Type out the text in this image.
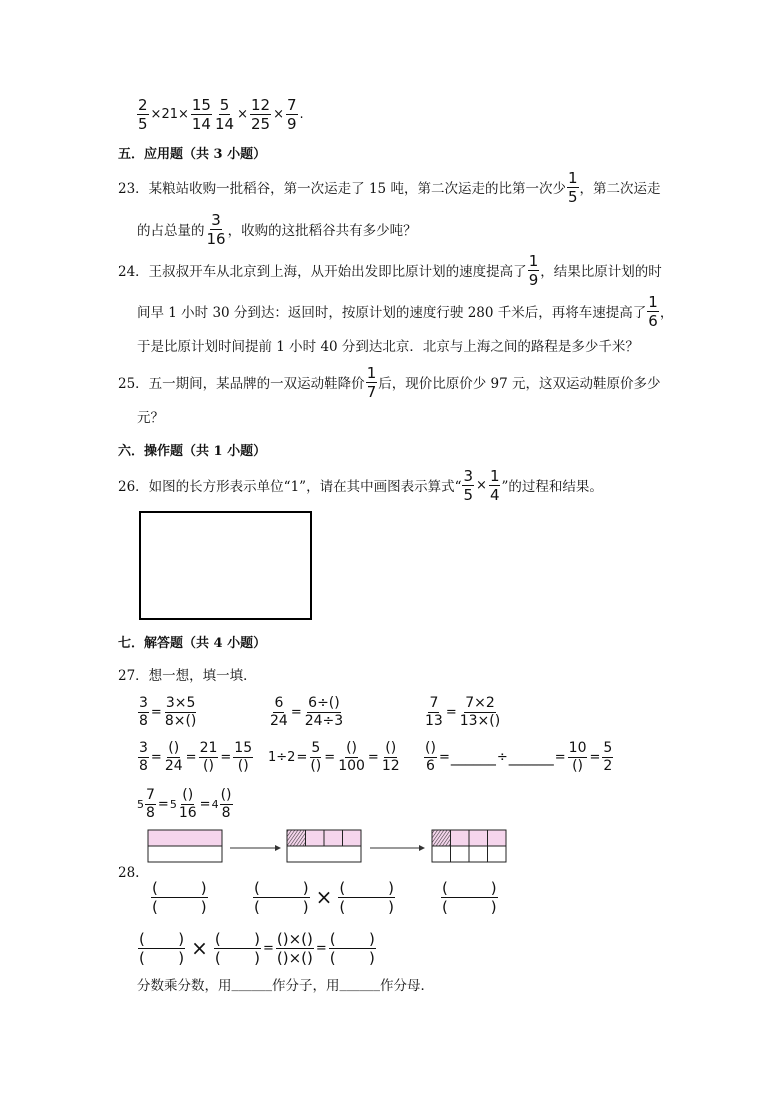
$\frac{2}{5} \times 21\times \frac{15}{14} \frac{5}{14} \times \frac{12}{25} \times \frac{7}{9}$ .
五．应用题（共 3 小题）
23．某粮站收购一批稻谷，第一次运走了 15 吨，第二次运走的比第一次少 $\frac{1}{5}$ ，第二次运走
的占总量的 $\frac{3}{16}$ ，收购的这批稻谷共有多少吨？
24．王叔叔开车从北京到上海，从开始出发即比原计划的速度提高了 $\frac{1}{9}$ ，结果比原计划的时
间早 1 小时 30 分到达：返回时，按原计划的速度行驶 280 千米后，再将车速提高了 $\frac{1}{6}$ ，
于是比原计划时间提前 1 小时 40 分到达北京．北京与上海之间的路程是多少千米？
25．五一期间，某品牌的一双运动鞋降价 $\frac{1}{7}$ 后，现价比原价少 97 元，这双运动鞋原价多少
元？
六．操作题（共 1 小题）
26．如图的长方形表示单位“1”，请在其中画图表示算式“ $\frac{3}{5} \times \frac{1}{4}$ ”的过程和结果。
七．解答题（共 4 小题）
27．想一想，填一填．
$\frac{3}{8} = \frac{3\times 5}{8\times()}$	$\frac{6}{24} = \frac{6\div()}{24\div 3}$	$\frac{7}{13} = \frac{7\times 2}{13\times()}$
$\frac{3}{8} = \frac{()}{24} = \frac{21}{()} = \frac{15}{()} 1\div 2 = \frac{5}{()} = \frac{()}{100} = \frac{()}{12} \frac{()}{6}$ = ______ ÷ ______ = $\frac{10}{()} = \frac{5}{2}$
$5 \frac{7}{8} = 5 \frac{()}{16} = 4 \frac{()}{8}$
28.
$\frac{( )}{( )}$	$\frac{( )}{( )} \times \frac{( )}{( )}$	$\frac{( )}{( )}$
$\frac{( )}{( )} \times \frac{( )}{( )} = \frac{()\times()}{()\times()} = \frac{( )}{( )}$
分数乘分数，用 ______ 作分子，用 ______ 作分母．
